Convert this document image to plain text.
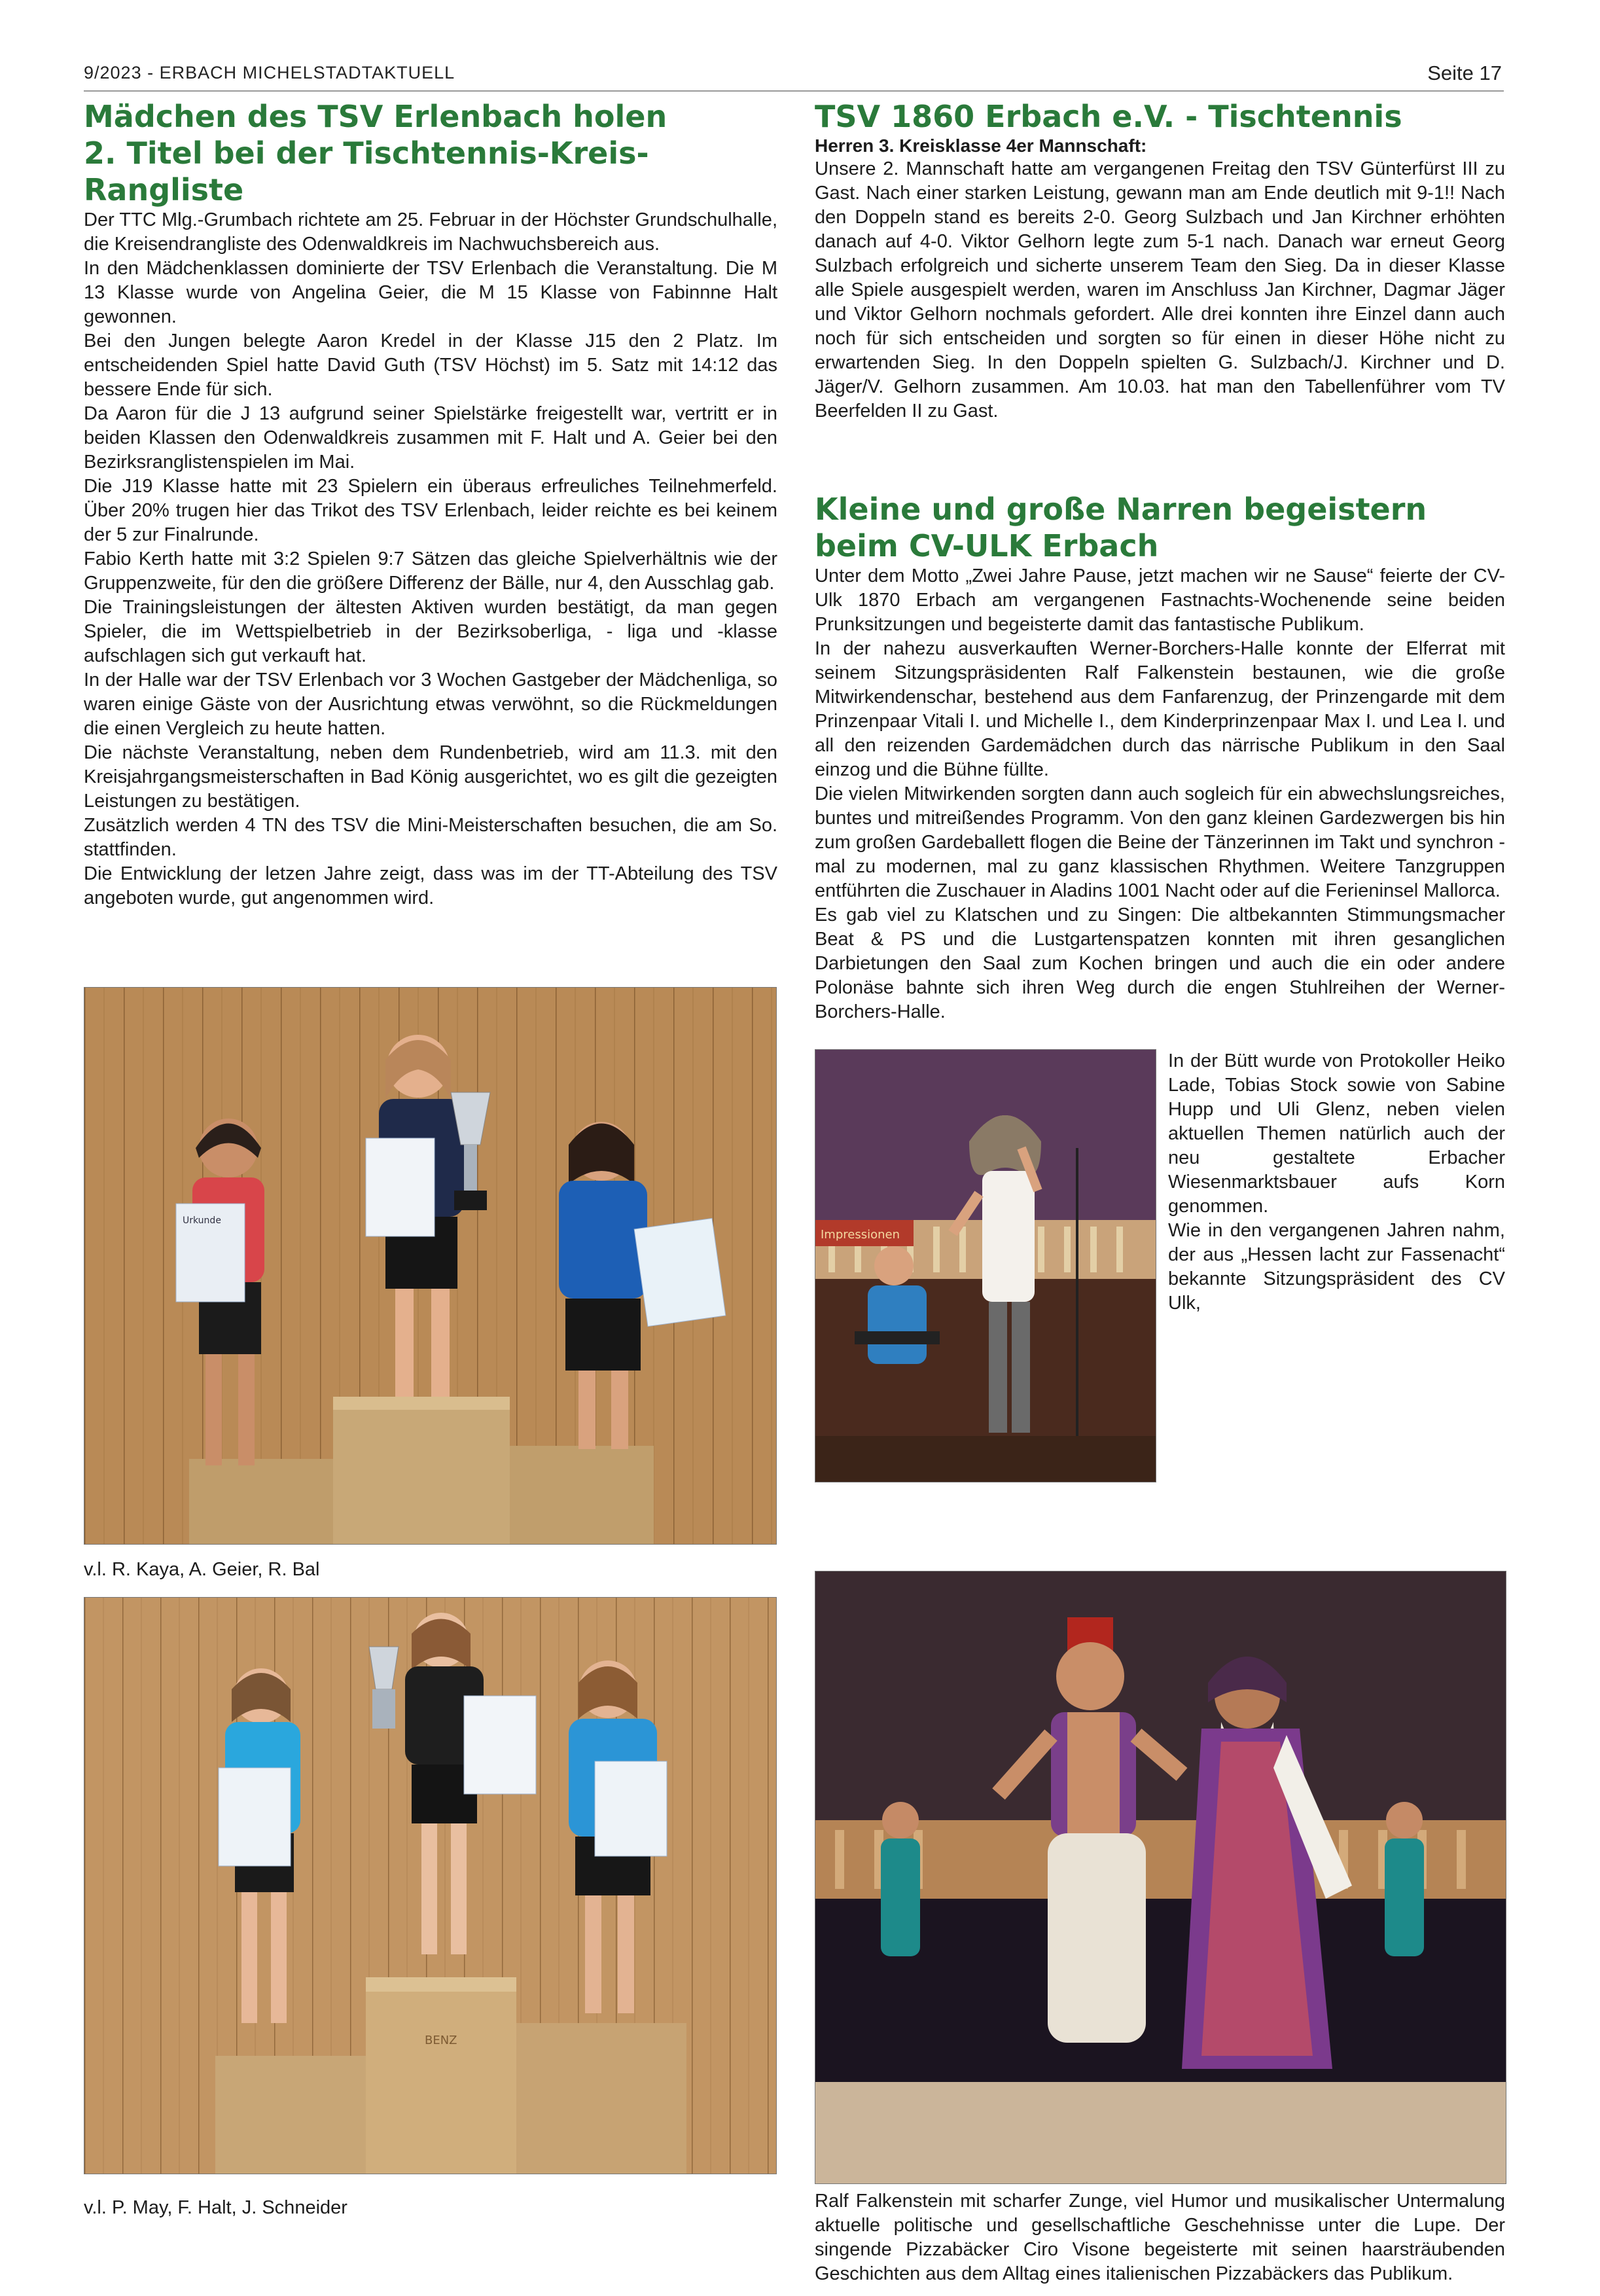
9/2023 - ERBACH MICHELSTADTAKTUELL	Seite 17
Mädchen des TSV Erlenbach holen
2. Titel bei der Tischtennis-Kreis-Rangliste

Der TTC Mlg.-Grumbach richtete am 25. Februar in der Höchster Grundschulhalle, die Kreisendrangliste des Odenwaldkreis im Nachwuchsbereich aus.

In den Mädchenklassen dominierte der TSV Erlenbach die Veranstaltung. Die M 13 Klasse wurde von Angelina Geier, die M 15 Klasse von Fabinnne Halt gewonnen.

Bei den Jungen belegte Aaron Kredel in der Klasse J15 den 2 Platz. Im entscheidenden Spiel hatte David Guth (TSV Höchst) im 5. Satz mit 14:12 das bessere Ende für sich.

Da Aaron für die J 13 aufgrund seiner Spielstärke freigestellt war, vertritt er in beiden Klassen den Odenwaldkreis zusammen mit F. Halt und A. Geier bei den Bezirksranglistenspielen im Mai.

Die J19 Klasse hatte mit 23 Spielern ein überaus erfreuliches Teilnehmerfeld. Über 20% trugen hier das Trikot des TSV Erlenbach, leider reichte es bei keinem der 5 zur Finalrunde.

Fabio Kerth hatte mit 3:2 Spielen 9:7 Sätzen das gleiche Spielverhältnis wie der Gruppenzweite, für den die größere Differenz der Bälle, nur 4, den Ausschlag gab.

Die Trainingsleistungen der ältesten Aktiven wurden bestätigt, da man gegen Spieler, die im Wettspielbetrieb in der Bezirksoberliga, - liga und -klasse aufschlagen sich gut verkauft hat.

In der Halle war der TSV Erlenbach vor 3 Wochen Gastgeber der Mädchenliga, so waren einige Gäste von der Ausrichtung etwas verwöhnt, so die Rückmeldungen die einen Vergleich zu heute hatten.

Die nächste Veranstaltung, neben dem Rundenbetrieb, wird am 11.3. mit den Kreisjahrgangsmeisterschaften in Bad König ausgerichtet, wo es gilt die gezeigten Leistungen zu bestätigen.

Zusätzlich werden 4 TN des TSV die Mini-Meisterschaften besuchen, die am So. stattfinden.

Die Entwicklung der letzen Jahre zeigt, dass was im der TT-Abteilung des TSV angeboten wurde, gut angenommen wird.

Urkunde
v.l. R. Kaya, A. Geier, R. Bal
BENZ
v.l. P. May, F. Halt, J. Schneider
TSV 1860 Erbach e.V. - Tischtennis

Herren 3. Kreisklasse 4er Mannschaft:

Unsere 2. Mannschaft hatte am vergangenen Freitag den TSV Günterfürst III zu Gast. Nach einer starken Leistung, gewann man am Ende deutlich mit 9-1!! Nach den Doppeln stand es bereits 2-0. Georg Sulzbach und Jan Kirchner erhöhten danach auf 4-0. Viktor Gelhorn legte zum 5-1 nach. Danach war erneut Georg Sulzbach erfolgreich und sicherte unserem Team den Sieg. Da in dieser Klasse alle Spiele ausgespielt werden, waren im Anschluss Jan Kirchner, Dagmar Jäger und Viktor Gelhorn nochmals gefordert. Alle drei konnten ihre Einzel dann auch noch für sich entscheiden und sorgten so für einen in dieser Höhe nicht zu erwartenden Sieg. In den Doppeln spielten G. Sulzbach/J. Kirchner und D. Jäger/V. Gelhorn zusammen. Am 10.03. hat man den Tabellenführer vom TV Beerfelden II zu Gast.
Kleine und große Narren begeistern
beim CV-ULK Erbach

Unter dem Motto „Zwei Jahre Pause, jetzt machen wir ne Sause“ feierte der CV-Ulk 1870 Erbach am vergangenen Fastnachts-Wochenende seine beiden Prunksitzungen und begeisterte damit das fantastische Publikum.

In der nahezu ausverkauften Werner-Borchers-Halle konnte der Elferrat mit seinem Sitzungspräsidenten Ralf Falkenstein bestaunen, wie die große Mitwirkendenschar, bestehend aus dem Fanfarenzug, der Prinzengarde mit dem Prinzenpaar Vitali I. und Michelle I., dem Kinderprinzenpaar Max I. und Lea I. und all den reizenden Gardemädchen durch das närrische Publikum in den Saal einzog und die Bühne füllte.

Die vielen Mitwirkenden sorgten dann auch sogleich für ein abwechslungsreiches, buntes und mitreißendes Programm. Von den ganz kleinen Gardezwergen bis hin zum großen Gardeballett flogen die Beine der Tänzerinnen im Takt und synchron - mal zu modernen, mal zu ganz klassischen Rhythmen. Weitere Tanzgruppen entführten die Zuschauer in Aladins 1001 Nacht oder auf die Ferieninsel Mallorca.

Es gab viel zu Klatschen und zu Singen: Die altbekannten Stimmungsmacher Beat & PS und die Lustgartenspatzen konnten mit ihren gesanglichen Darbietungen den Saal zum Kochen bringen und auch die ein oder andere Polonäse bahnte sich ihren Weg durch die engen Stuhlreihen der Werner-Borchers-Halle.

Impressionen

In der Bütt wurde von Protokoller Heiko Lade, Tobias Stock sowie von Sabine Hupp und Uli Glenz, neben vielen aktuellen Themen natürlich auch der neu gestaltete Erbacher Wiesenmarktsbauer aufs Korn genommen.

Wie in den vergangenen Jahren nahm, der aus „Hessen lacht zur Fassenacht“ bekannte Sitzungspräsident des CV Ulk,

Ralf Falkenstein mit scharfer Zunge, viel Humor und musikalischer Untermalung aktuelle politische und gesellschaftliche Geschehnisse unter die Lupe. Der singende Pizzabäcker Ciro Visone begeisterte mit seinen haarsträubenden Geschichten aus dem Alltag eines italienischen Pizzabäckers das Publikum.
